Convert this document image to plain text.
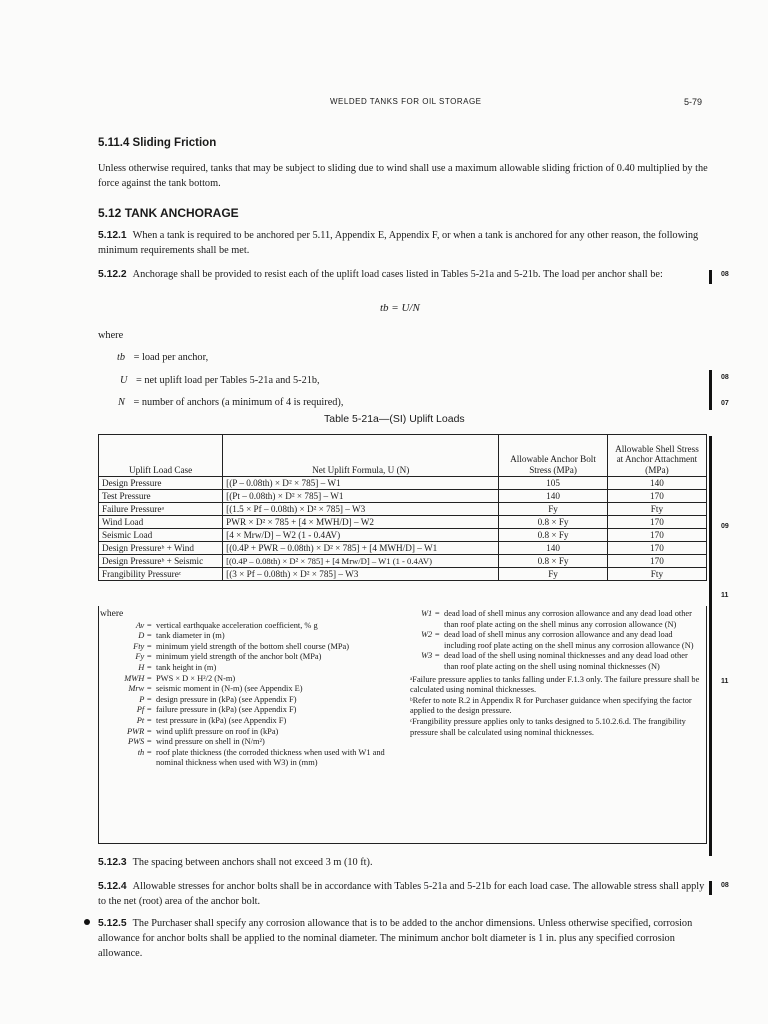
WELDED TANKS FOR OIL STORAGE	5-79
5.11.4 Sliding Friction
Unless otherwise required, tanks that may be subject to sliding due to wind shall use a maximum allowable sliding friction of 0.40 multiplied by the force against the tank bottom.
5.12 TANK ANCHORAGE
5.12.1 When a tank is required to be anchored per 5.11, Appendix E, Appendix F, or when a tank is anchored for any other reason, the following minimum requirements shall be met.
5.12.2 Anchorage shall be provided to resist each of the uplift load cases listed in Tables 5-21a and 5-21b. The load per anchor shall be:
tb = U/N
where
tb = load per anchor,
U = net uplift load per Tables 5-21a and 5-21b,
N = number of anchors (a minimum of 4 is required),
Table 5-21a—(SI) Uplift Loads
Uplift Load Case	Net Uplift Formula, U (N)	Allowable Anchor Bolt Stress (MPa)	Allowable Shell Stress at Anchor Attachment (MPa)
Design Pressure	[(P – 0.08th) × D² × 785] – W1	105	140
Test Pressure	[(Pt – 0.08th) × D² × 785] – W1	140	170
Failure Pressureᵃ	[(1.5 × Pf – 0.08th) × D² × 785] – W3	Fy	Fty
Wind Load	PWR × D² × 785 + [4 × MWH/D] – W2	0.8 × Fy	170
Seismic Load	[4 × Mrw/D] – W2 (1 - 0.4AV)	0.8 × Fy	170
Design Pressureᵇ + Wind	[(0.4P + PWR – 0.08th) × D² × 785] + [4 MWH/D] – W1	140	170
Design Pressureᵇ + Seismic	[(0.4P – 0.08th) × D² × 785] + [4 Mrw/D] – W1 (1 - 0.4AV)	0.8 × Fy	170
Frangibility Pressureᶜ	[(3 × Pf – 0.08th) × D² × 785] – W3	Fy	Fty
where
Av = vertical earthquake acceleration coefficient, % g
D = tank diameter in (m)
Fty = minimum yield strength of the bottom shell course (MPa)
Fy = minimum yield strength of the anchor bolt (MPa)
H = tank height in (m)
MWH = PWS × D × H²/2 (N-m)
Mrw = seismic moment in (N-m) (see Appendix E)
P = design pressure in (kPa) (see Appendix F)
Pf = failure pressure in (kPa) (see Appendix F)
Pt = test pressure in (kPa) (see Appendix F)
PWR = wind uplift pressure on roof in (kPa)
PWS = wind pressure on shell in (N/m²)
th = roof plate thickness (the corroded thickness when used with W1 and nominal thickness when used with W3) in (mm)
W1 = dead load of shell minus any corrosion allowance and any dead load other than roof plate acting on the shell minus any corrosion allowance (N)
W2 = dead load of shell minus any corrosion allowance and any dead load including roof plate acting on the shell minus any corrosion allowance (N)
W3 = dead load of the shell using nominal thicknesses and any dead load other than roof plate acting on the shell using nominal thicknesses (N)
ᵃFailure pressure applies to tanks falling under F.1.3 only. The failure pressure shall be calculated using nominal thicknesses.
ᵇRefer to note R.2 in Appendix R for Purchaser guidance when specifying the factor applied to the design pressure.
ᶜFrangibility pressure applies only to tanks designed to 5.10.2.6.d. The frangibility pressure shall be calculated using nominal thicknesses.
5.12.3 The spacing between anchors shall not exceed 3 m (10 ft).
5.12.4 Allowable stresses for anchor bolts shall be in accordance with Tables 5-21a and 5-21b for each load case. The allowable stress shall apply to the net (root) area of the anchor bolt.
5.12.5 The Purchaser shall specify any corrosion allowance that is to be added to the anchor dimensions. Unless otherwise specified, corrosion allowance for anchor bolts shall be applied to the nominal diameter. The minimum anchor bolt diameter is 1 in. plus any specified corrosion allowance.
08
08
07
09
11
11
08
